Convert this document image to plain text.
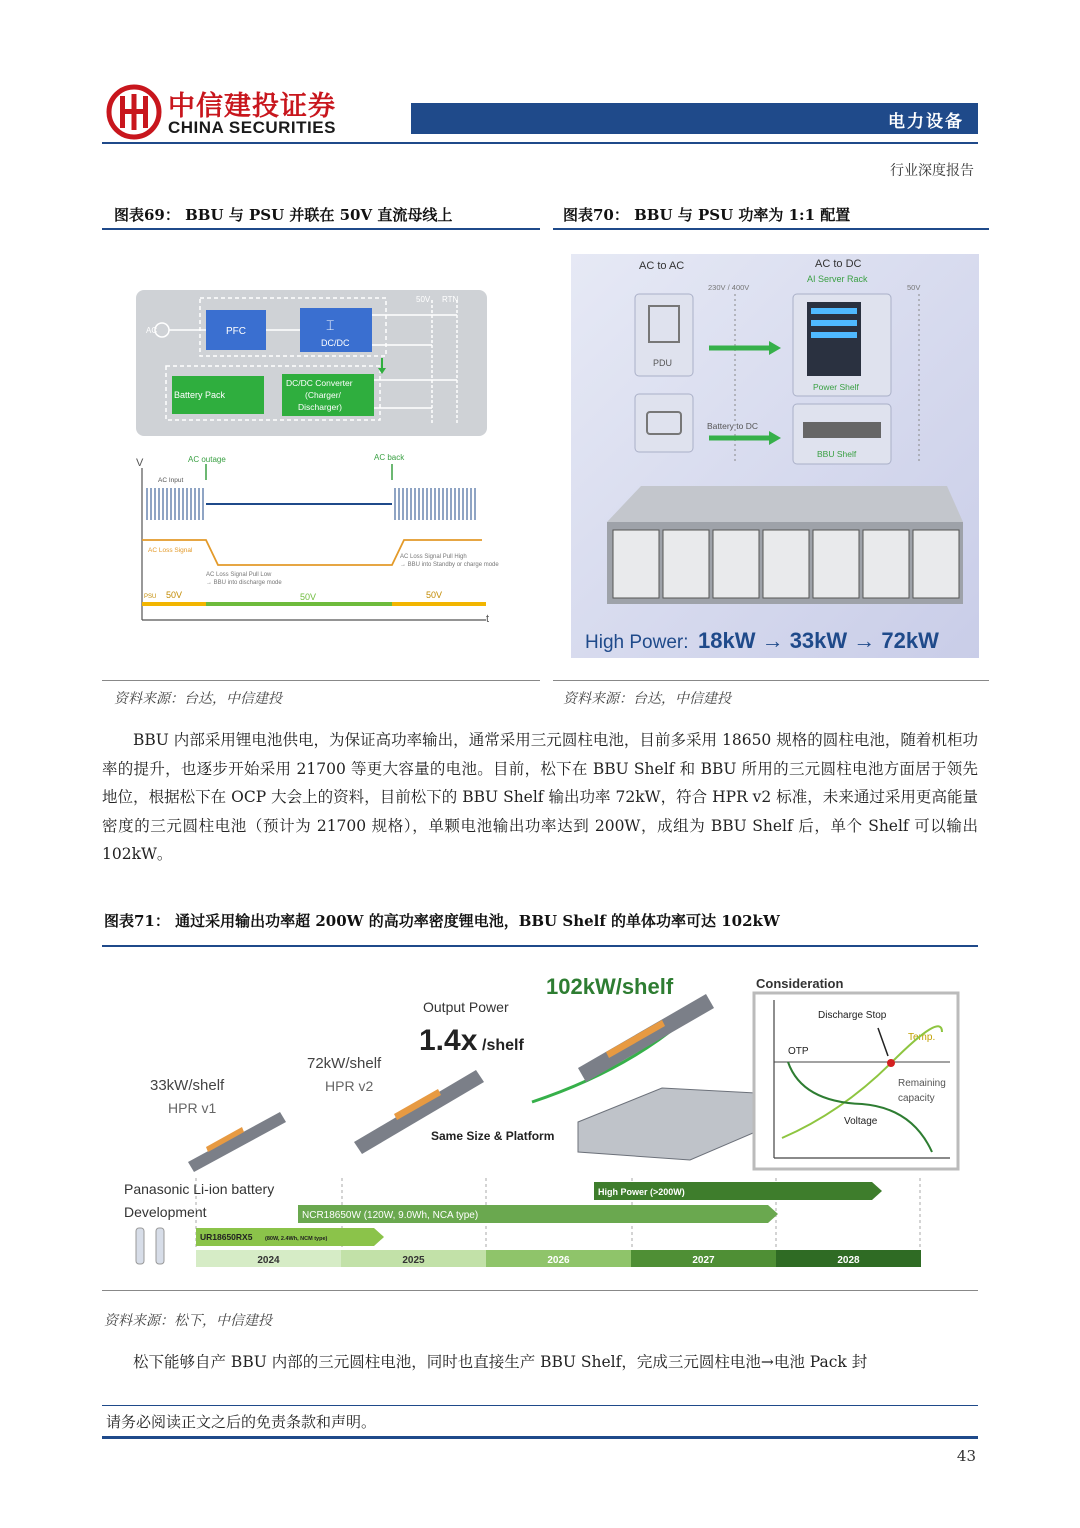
中信建投证券
CHINA SECURITIES	电力设备
行业深度报告
图表69： BBU 与 PSU 并联在 50V 直流母线上	图表70： BBU 与 PSU 功率为 1:1 配置
AC	PFC
DC/DC
⌶
Battery Pack
DC/DC Converter
(Charger/
Discharger)
50V RTN
V
t
AC outage	AC back
AC Input
AC Loss Signal
AC Loss Signal Pull Low
→ BBU into discharge mode
AC Loss Signal Pull High
→ BBU into Standby or charge mode
PSU 50V	50V	50V
AC to AC	AC to DC
AI Server Rack
230V / 400V	50V
PDU
Battery to DC
Power Shelf
BBU Shelf
High Power: 18kW → 33kW → 72kW
资料来源：台达，中信建投	资料来源：台达，中信建投

BBU 内部采用锂电池供电，为保证高功率输出，通常采用三元圆柱电池，目前多采用 18650 规格的圆柱电池，随着机柜功率的提升，也逐步开始采用 21700 等更大容量的电池。目前，松下在 BBU Shelf 和 BBU 所用的三元圆柱电池方面居于领先地位，根据松下在 OCP 大会上的资料，目前松下的 BBU Shelf 输出功率 72kW，符合 HPR v2 标准，未来通过采用更高能量密度的三元圆柱电池（预计为 21700 规格），单颗电池输出功率达到 200W，成组为 BBU Shelf 后，单个 Shelf 可以输出 102kW。

图表71： 通过采用输出功率超 200W 的高功率密度锂电池，BBU Shelf 的单体功率可达 102kW
33kW/shelf
HPR v1
72kW/shelf
HPR v2
Output Power
1.4x /shelf
Same Size & Platform
102kW/shelf	Consideration
Discharge Stop
OTP
Temp.
Remaining
capacity
Voltage
Panasonic Li-ion battery
Development
High Power (>200W)
NCR18650W (120W, 9.0Wh, NCA type)
UR18650RX5 (80W, 2.4Wh, NCM type)
2024	2025	2026	2027	2028
资料来源：松下，中信建投

松下能够自产 BBU 内部的三元圆柱电池，同时也直接生产 BBU Shelf，完成三元圆柱电池→电池 Pack 封

请务必阅读正文之后的免责条款和声明。
43
